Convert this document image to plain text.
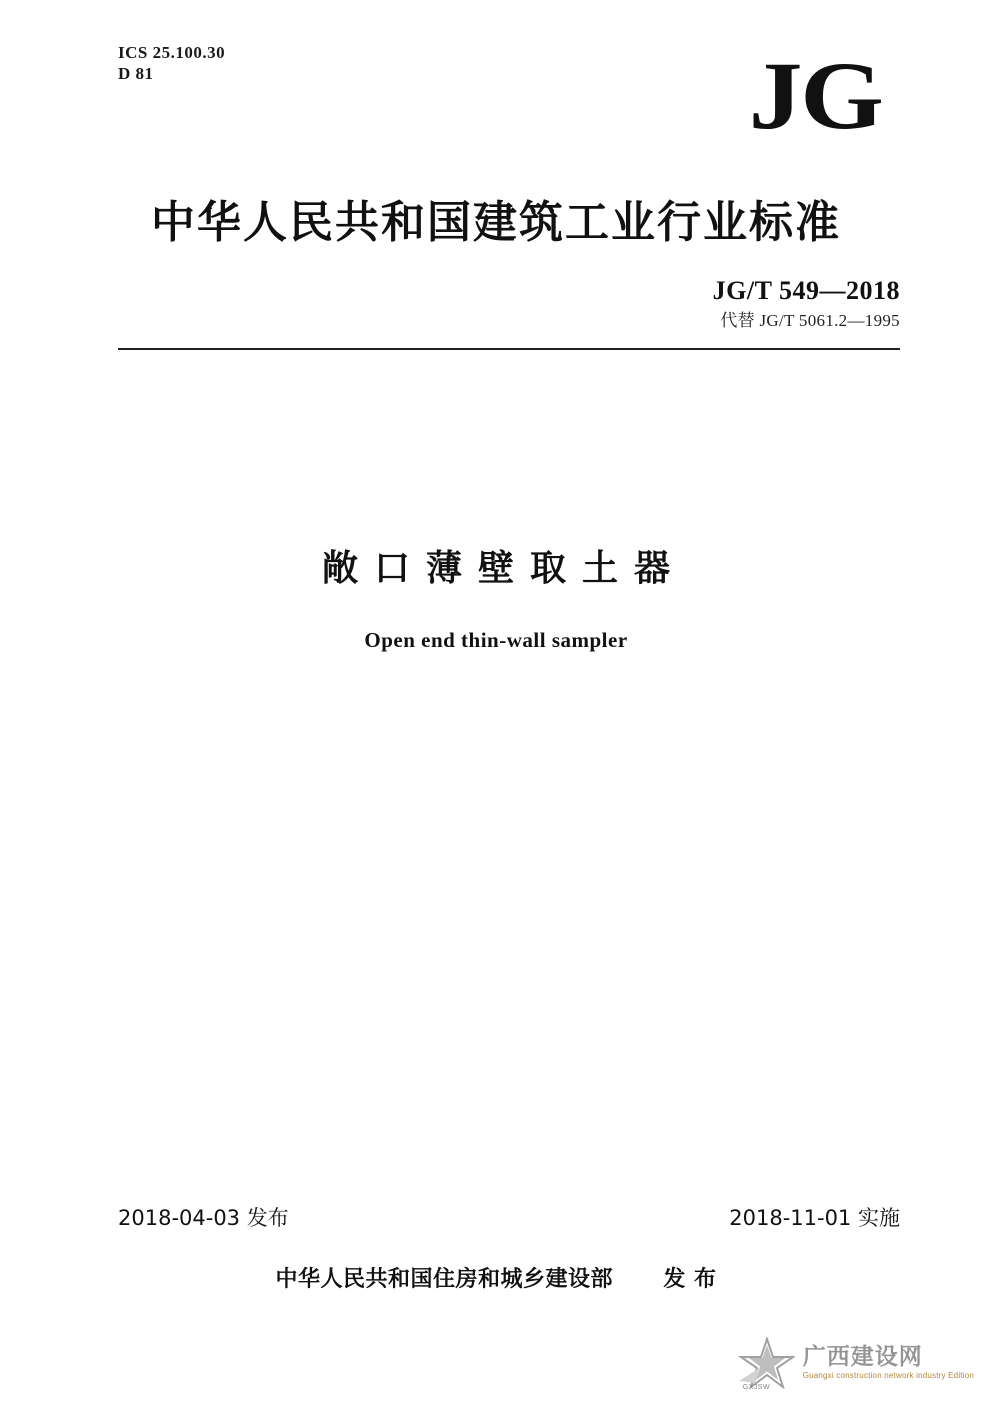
ICS 25.100.30
D 81	JG
中华人民共和国建筑工业行业标准
JG/T 549—2018
代替 JG/T 5061.2—1995
敞口薄壁取土器
Open end thin-wall sampler
2018-04-03 发布	2018-11-01 实施
中华人民共和国住房和城乡建设部 发 布
GXJSW
广西建设网
Guangxi construction network industry Edition
